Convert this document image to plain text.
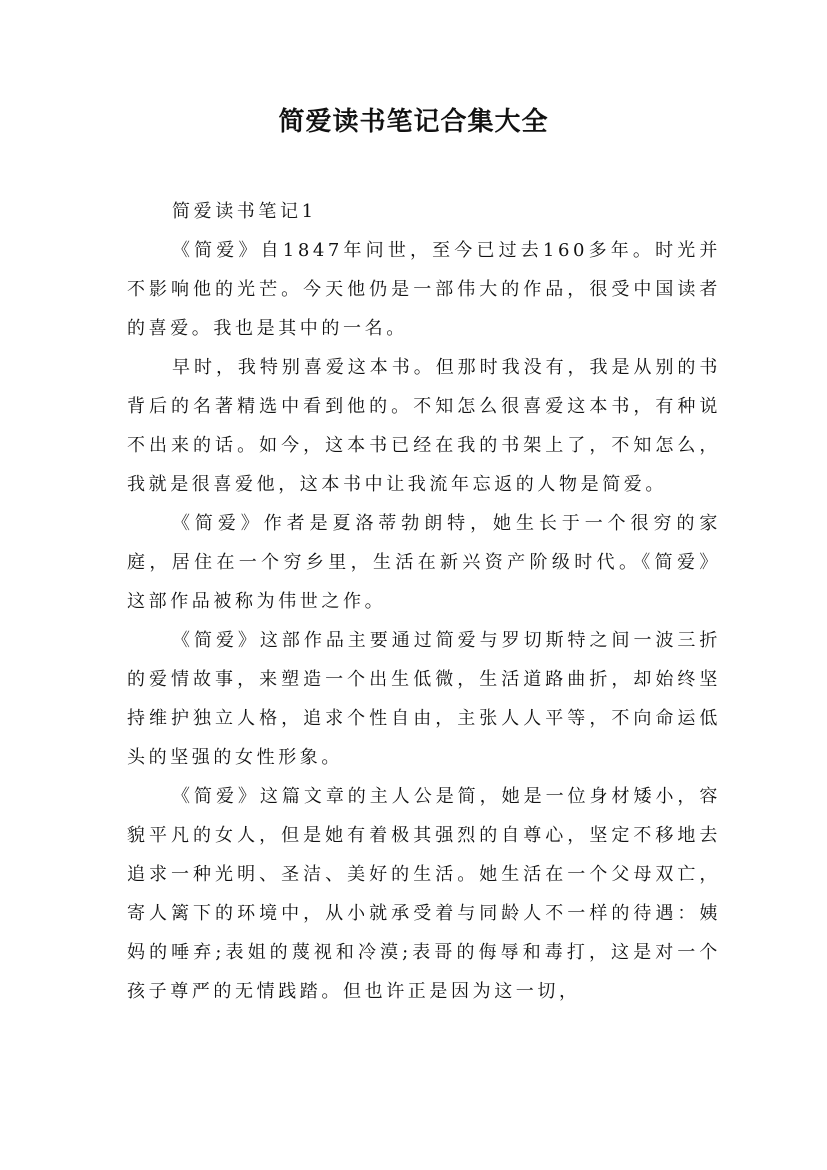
简爱读书笔记合集大全

简爱读书笔记1

《简爱》自1847年问世，至今已过去160多年。时光并不影响他的光芒。今天他仍是一部伟大的作品，很受中国读者的喜爱。我也是其中的一名。

早时，我特别喜爱这本书。但那时我没有，我是从别的书背后的名著精选中看到他的。不知怎么很喜爱这本书，有种说不出来的话。如今，这本书已经在我的书架上了，不知怎么，我就是很喜爱他，这本书中让我流年忘返的人物是简爱。

《简爱》作者是夏洛蒂勃朗特，她生长于一个很穷的家庭，居住在一个穷乡里，生活在新兴资产阶级时代。《简爱》这部作品被称为伟世之作。

《简爱》这部作品主要通过简爱与罗切斯特之间一波三折的爱情故事，来塑造一个出生低微，生活道路曲折，却始终坚持维护独立人格，追求个性自由，主张人人平等，不向命运低头的坚强的女性形象。

《简爱》这篇文章的主人公是简，她是一位身材矮小，容貌平凡的女人，但是她有着极其强烈的自尊心，坚定不移地去追求一种光明、圣洁、美好的生活。她生活在一个父母双亡，寄人篱下的环境中，从小就承受着与同龄人不一样的待遇：姨妈的唾弃;表姐的蔑视和冷漠;表哥的侮辱和毒打，这是对一个孩子尊严的无情践踏。但也许正是因为这一切，
